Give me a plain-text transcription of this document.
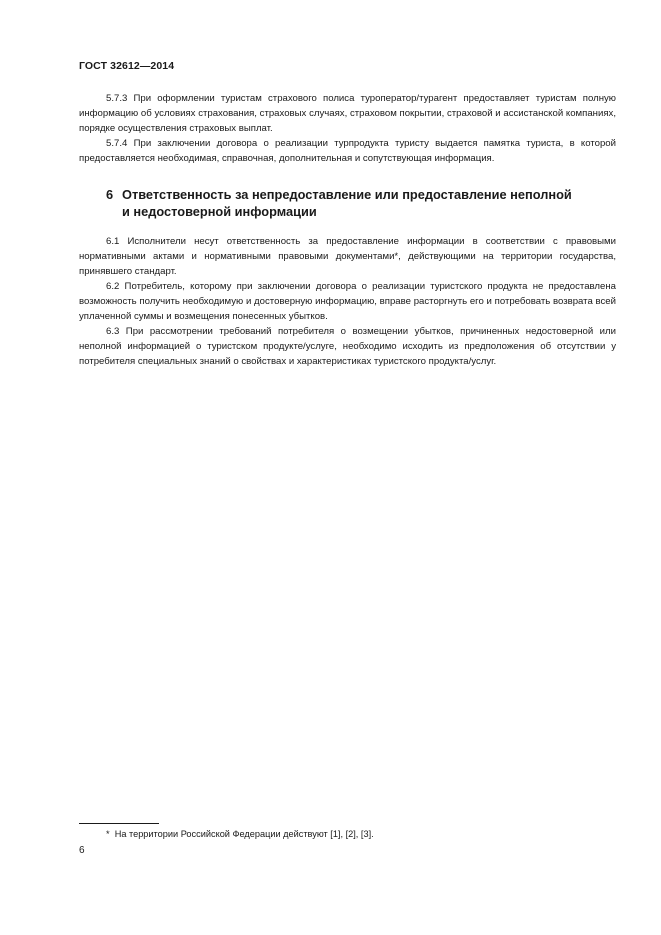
ГОСТ 32612—2014

5.7.3 При оформлении туристам страхового полиса туроператор/турагент предоставляет туристам полную информацию об условиях страхования, страховых случаях, страховом покрытии, страховой и ассистанской компаниях, порядке осуществления страховых выплат.

5.7.4 При заключении договора о реализации турпродукта туристу выдается памятка туриста, в которой предоставляется необходимая, справочная, дополнительная и сопутствующая информация.

6 Ответственность за непредоставление или предоставление неполной
и недостоверной информации

6.1 Исполнители несут ответственность за предоставление информации в соответствии с правовыми нормативными актами и нормативными правовыми документами*, действующими на территории государства, принявшего стандарт.

6.2 Потребитель, которому при заключении договора о реализации туристского продукта не предоставлена возможность получить необходимую и достоверную информацию, вправе расторгнуть его и потребовать возврата всей уплаченной суммы и возмещения понесенных убытков.

6.3 При рассмотрении требований потребителя о возмещении убытков, причиненных недостоверной или неполной информацией о туристском продукте/услуге, необходимо исходить из предположения об отсутствии у потребителя специальных знаний о свойствах и характеристиках туристского продукта/услуг.

* На территории Российской Федерации действуют [1], [2], [3].
6
